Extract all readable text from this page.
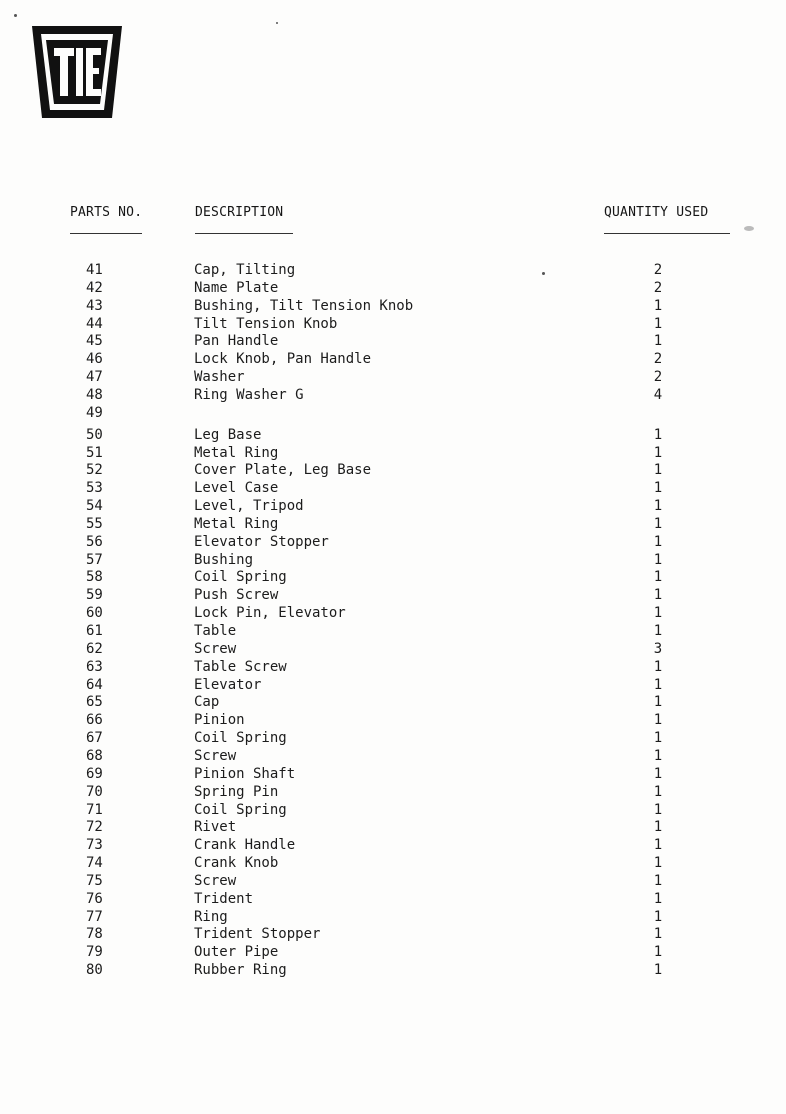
PARTS NO.	DESCRIPTION	QUANTITY USED
41	Cap, Tilting	2
42	Name Plate	2
43	Bushing, Tilt Tension Knob	1
44	Tilt Tension Knob	1
45	Pan Handle	1
46	Lock Knob, Pan Handle	2
47	Washer	2
48	Ring Washer G	4
49
50	Leg Base	1
51	Metal Ring	1
52	Cover Plate, Leg Base	1
53	Level Case	1
54	Level, Tripod	1
55	Metal Ring	1
56	Elevator Stopper	1
57	Bushing	1
58	Coil Spring	1
59	Push Screw	1
60	Lock Pin, Elevator	1
61	Table	1
62	Screw	3
63	Table Screw	1
64	Elevator	1
65	Cap	1
66	Pinion	1
67	Coil Spring	1
68	Screw	1
69	Pinion Shaft	1
70	Spring Pin	1
71	Coil Spring	1
72	Rivet	1
73	Crank Handle	1
74	Crank Knob	1
75	Screw	1
76	Trident	1
77	Ring	1
78	Trident Stopper	1
79	Outer Pipe	1
80	Rubber Ring	1
